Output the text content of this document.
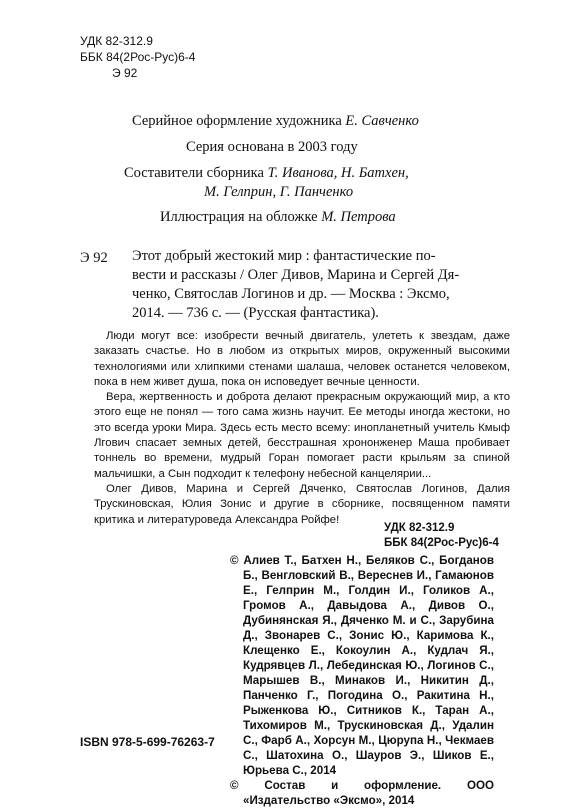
УДК 82-312.9
ББК 84(2Рос-Рус)6-4
Э 92
Серийное оформление художника Е. Савченко
Серия основана в 2003 году
Составители сборника Т. Иванова, Н. Батхен,
М. Гелприн, Г. Панченко
Иллюстрация на обложке М. Петрова
Э 92 Этот добрый жестокий мир : фантастические по-
вести и рассказы / Олег Дивов, Марина и Сергей Дя-
ченко, Святослав Логинов и др. — Москва : Эксмо,
2014. — 736 с. — (Русская фантастика).

Люди могут все: изобрести вечный двигатель, улететь к звездам, даже заказать счастье. Но в любом из открытых миров, окруженный высокими технологиями или хлипкими стенами шалаша, человек останется человеком, пока в нем живет душа, пока он исповедует вечные ценности.

Вера, жертвенность и доброта делают прекрасным окружающий мир, а кто этого еще не понял — того сама жизнь научит. Ее методы иногда жестоки, но это всегда уроки Мира. Здесь есть место всему: инопланетный учитель Кмыф Лгович спасает земных детей, бесстрашная хрононженер Маша пробивает тоннель во времени, мудрый Горан помогает расти крыльям за спиной мальчишки, а Сын подходит к телефону небесной канцелярии...

Олег Дивов, Марина и Сергей Дяченко, Святослав Логинов, Далия Трускиновская, Юлия Зонис и другие в сборнике, посвященном памяти критика и литературоведа Александра Ройфе!

УДК 82-312.9
ББК 84(2Рос-Рус)6-4

© Алиев Т., Батхен Н., Беляков С., Богданов Б., Венгловский В., Вереснев И., Гамаюнов Е., Гелприн М., Голдин И., Голиков А., Громов А., Давыдова А., Дивов О., Дубинянская Я., Дяченко М. и С., Зарубина Д., Звонарев С., Зонис Ю., Каримова К., Клещенко Е., Кокоулин А., Кудлач Я., Кудрявцев Л., Лебединская Ю., Логинов С., Марышев В., Минаков И., Никитин Д., Панченко Г., Погодина О., Ракитина Н., Рыженкова Ю., Ситников К., Таран А., Тихомиров М., Трускиновская Д., Удалин С., Фарб А., Хорсун М., Цюрупа Н., Чекмаев С., Шатохина О., Шауров Э., Шиков Е., Юрьева С., 2014

© Состав и оформление. ООО «Издательство «Эксмо», 2014

ISBN 978-5-699-76263-7
